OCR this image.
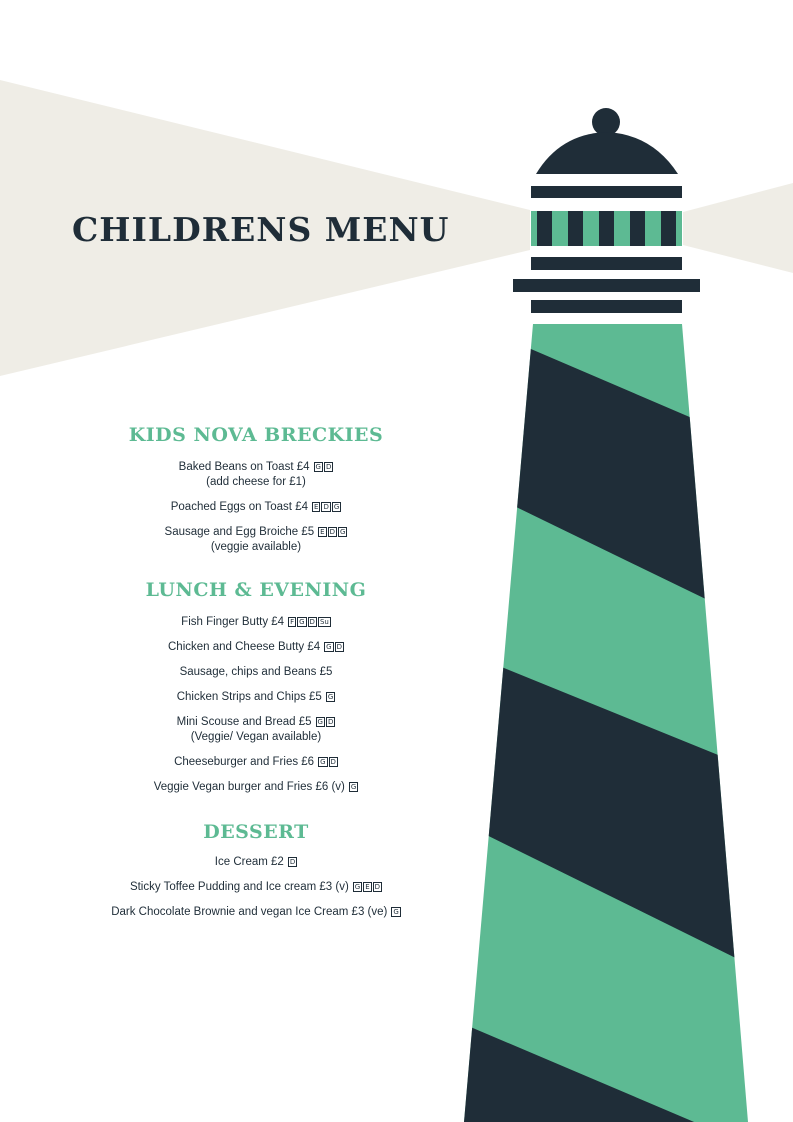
CHILDRENS MENU
KIDS NOVA BRECKIES
Baked Beans on Toast £4 G D
(add cheese for £1)
Poached Eggs on Toast £4 E D G
Sausage and Egg Broiche £5 E D G
(veggie available)
LUNCH & EVENING
Fish Finger Butty £4 F G D Su
Chicken and Cheese Butty £4 G D
Sausage, chips and Beans £5
Chicken Strips and Chips £5 G
Mini Scouse and Bread £5 G D
(Veggie/ Vegan available)
Cheeseburger and Fries £6 G D
Veggie Vegan burger and Fries £6 (v) G
DESSERT
Ice Cream £2 D
Sticky Toffee Pudding and Ice cream £3 (v) G E D
Dark Chocolate Brownie and vegan Ice Cream £3 (ve) G
